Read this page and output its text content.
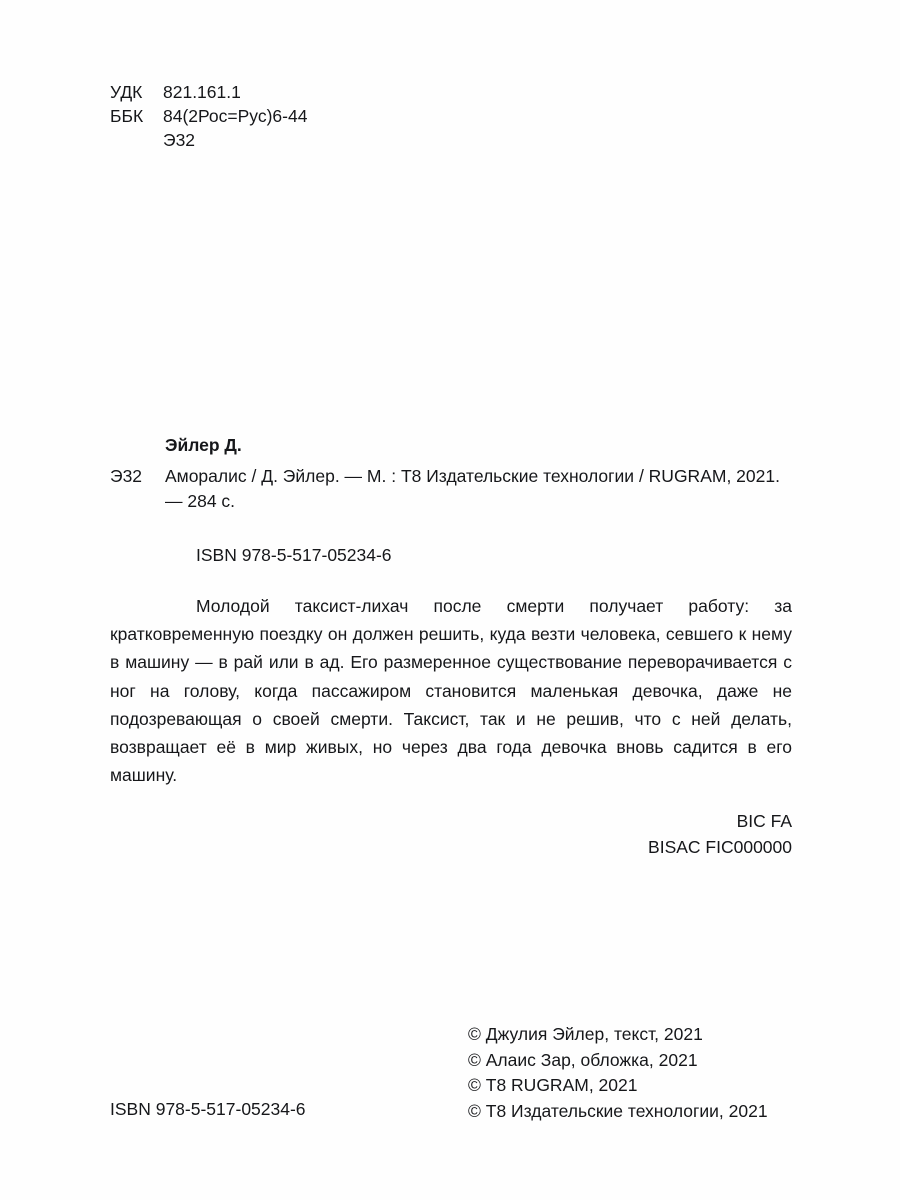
УДК	821.161.1
ББК	84(2Рос=Рус)6-44
Э32
Эйлер Д.
Э32	Аморалис / Д. Эйлер. — М. : Т8 Издательские технологии / RUGRAM, 2021. — 284 с.
ISBN 978-5-517-05234-6
Молодой таксист-лихач после смерти получает работу: за кратковременную поездку он должен решить, куда везти человека, севшего к нему в машину — в рай или в ад. Его размеренное существование переворачивается с ног на голову, когда пассажиром становится маленькая девочка, даже не подозревающая о своей смерти. Таксист, так и не решив, что с ней делать, возвращает её в мир живых, но через два года девочка вновь садится в его машину.
BIC FA
BISAC FIC000000
© Джулия Эйлер, текст, 2021
© Алаис Зар, обложка, 2021
© Т8 RUGRAM, 2021
© Т8 Издательские технологии, 2021
ISBN 978-5-517-05234-6
